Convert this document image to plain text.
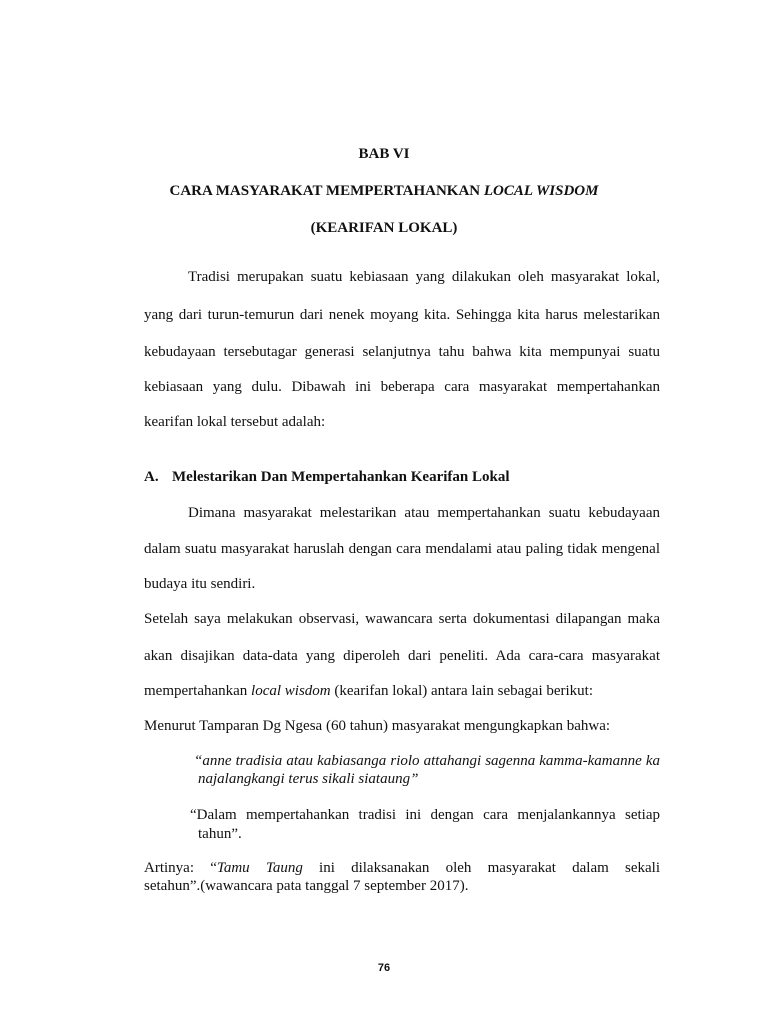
BAB VI

CARA MASYARAKAT MEMPERTAHANKAN LOCAL WISDOM

(KEARIFAN LOKAL)

Tradisi merupakan suatu kebiasaan yang dilakukan oleh masyarakat lokal,

yang dari turun-temurun dari nenek moyang kita. Sehingga kita harus melestarikan

kebudayaan tersebutagar generasi selanjutnya tahu bahwa kita mempunyai suatu

kebiasaan yang dulu. Dibawah ini beberapa cara masyarakat mempertahankan

kearifan lokal tersebut adalah:

A. Melestarikan Dan Mempertahankan Kearifan Lokal

Dimana masyarakat melestarikan atau mempertahankan suatu kebudayaan

dalam suatu masyarakat haruslah dengan cara mendalami atau paling tidak mengenal

budaya itu sendiri.

Setelah saya melakukan observasi, wawancara serta dokumentasi dilapangan maka

akan disajikan data-data yang diperoleh dari peneliti. Ada cara-cara masyarakat

mempertahankan local wisdom (kearifan lokal) antara lain sebagai berikut:

Menurut Tamparan Dg Ngesa (60 tahun) masyarakat mengungkapkan bahwa:

“anne tradisia atau kabiasanga riolo attahangi sagenna kamma-kamanne ka

najalangkangi terus sikali siataung”

“Dalam mempertahankan tradisi ini dengan cara menjalankannya setiap

tahun”.

Artinya: “Tamu Taung ini dilaksanakan oleh masyarakat dalam sekali

setahun”.(wawancara pata tanggal 7 september 2017).

76
